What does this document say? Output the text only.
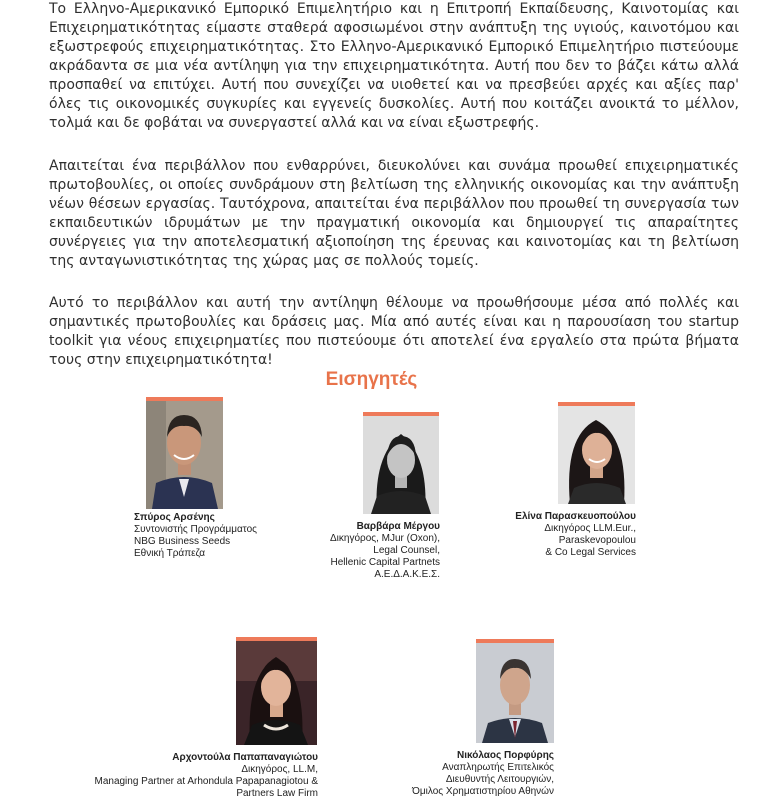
Το Ελληνο-Αμερικανικό Εμπορικό Επιμελητήριο και η Επιτροπή Εκπαίδευσης, Καινοτομίας και Επιχειρηματικότητας είμαστε σταθερά αφοσιωμένοι στην ανάπτυξη της υγιούς, καινοτόμου και εξωστρεφούς επιχειρηματικότητας. Στο Ελληνο-Αμερικανικό Εμπορικό Επιμελητήριο πιστεύουμε ακράδαντα σε μια νέα αντίληψη για την επιχειρηματικότητα. Αυτή που δεν το βάζει κάτω αλλά προσπαθεί να επιτύχει. Αυτή που συνεχίζει να υιοθετεί και να πρεσβεύει αρχές και αξίες παρ' όλες τις οικονομικές συγκυρίες και εγγενείς δυσκολίες. Αυτή που κοιτάζει ανοικτά το μέλλον, τολμά και δε φοβάται να συνεργαστεί αλλά και να είναι εξωστρεφής.

Απαιτείται ένα περιβάλλον που ενθαρρύνει, διευκολύνει και συνάμα προωθεί επιχειρηματικές πρωτοβουλίες, οι οποίες συνδράμουν στη βελτίωση της ελληνικής οικονομίας και την ανάπτυξη νέων θέσεων εργασίας. Ταυτόχρονα, απαιτείται ένα περιβάλλον που προωθεί τη συνεργασία των εκπαιδευτικών ιδρυμάτων με την πραγματική οικονομία και δημιουργεί τις απαραίτητες συνέργειες για την αποτελεσματική αξιοποίηση της έρευνας και καινοτομίας και τη βελτίωση της ανταγωνιστικότητας της χώρας μας σε πολλούς τομείς.

Αυτό το περιβάλλον και αυτή την αντίληψη θέλουμε να προωθήσουμε μέσα από πολλές και σημαντικές πρωτοβουλίες και δράσεις μας. Μία από αυτές είναι και η παρουσίαση του startup toolkit για νέους επιχειρηματίες που πιστεύουμε ότι αποτελεί ένα εργαλείο στα πρώτα βήματα τους στην επιχειρηματικότητα!

Εισηγητές
Σπύρος Αρσένης
Συντονιστής Προγράμματος
NBG Business Seeds
Εθνική Τράπεζα
Βαρβάρα Μέργου
Δικηγόρος, MJur (Oxon),
Legal Counsel,
Hellenic Capital Partnets
Α.Ε.Δ.Α.Κ.Ε.Σ.
Ελίνα Παρασκευοπούλου
Δικηγόρος LLM.Eur.,
Paraskevopoulou
& Co Legal Services
Αρχοντούλα Παπαπαναγιώτου
Δικηγόρος, LL.M,
Managing Partner at Arhondula Papapanagiotou &
Partners Law Firm
Νικόλαος Πορφύρης
Αναπληρωτής Επιτελικός
Διευθυντής Λειτουργιών,
Όμιλος Χρηματιστηρίου Αθηνών
